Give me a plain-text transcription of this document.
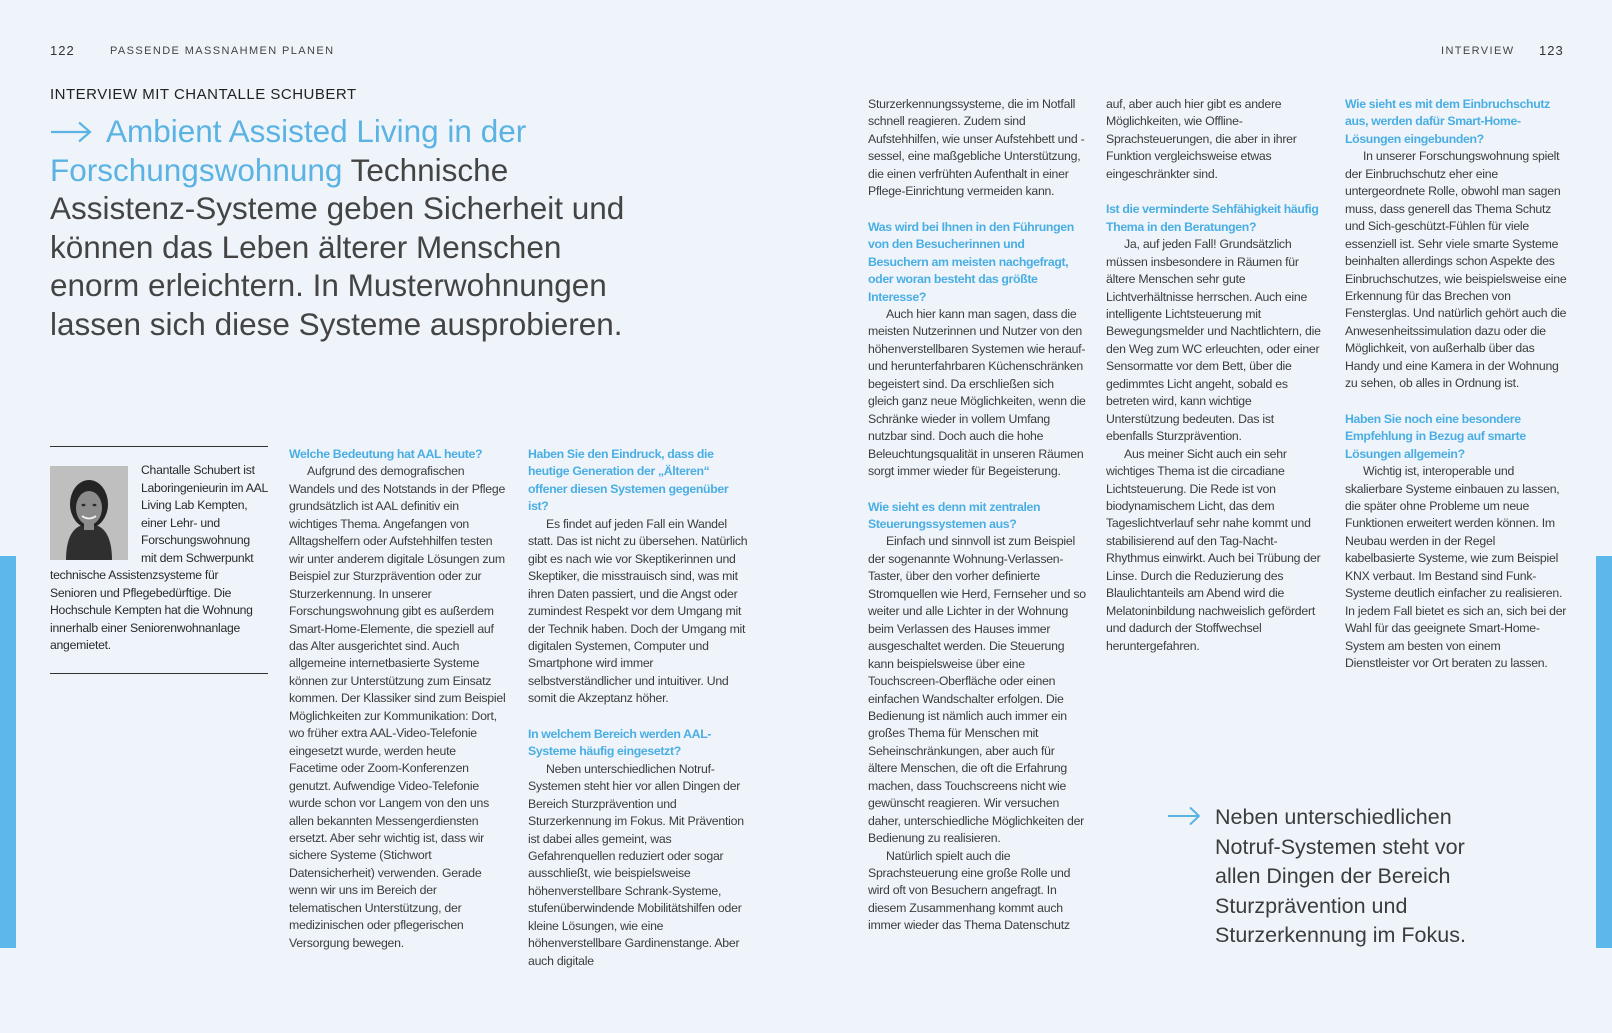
122	PASSENDE MASSNAHMEN PLANEN	INTERVIEW 123
INTERVIEW MIT CHANTALLE SCHUBERT
Ambient Assisted Living in der Forschungswohnung Technische Assistenz-Systeme geben Sicherheit und können das Leben älterer Menschen enorm erleichtern. In Musterwohnungen lassen sich diese Systeme ausprobieren.

Chantalle Schubert ist Laboringenieurin im AAL Living Lab Kempten, einer Lehr- und Forschungswohnung mit dem Schwerpunkt technische Assistenzsysteme für Senioren und Pflegebedürftige. Die Hochschule Kempten hat die Wohnung innerhalb einer Seniorenwohnanlage angemietet.

Welche Bedeutung hat AAL heute?

Aufgrund des demografischen Wandels und des Notstands in der Pflege grundsätzlich ist AAL definitiv ein wichtiges Thema. Angefangen von Alltagshelfern oder Aufstehhilfen testen wir unter anderem digitale Lösungen zum Beispiel zur Sturzprävention oder zur Sturzerkennung. In unserer Forschungswohnung gibt es außerdem Smart-Home-Elemente, die speziell auf das Alter ausgerichtet sind. Auch allgemeine internetbasierte Systeme können zur Unterstützung zum Einsatz kommen. Der Klassiker sind zum Beispiel Möglichkeiten zur Kommunikation: Dort, wo früher extra AAL-Video-Telefonie eingesetzt wurde, werden heute Facetime oder Zoom-Konferenzen genutzt. Aufwendige Video-Telefonie wurde schon vor Langem von den uns allen bekannten Messengerdiensten ersetzt. Aber sehr wichtig ist, dass wir sichere Systeme (Stichwort Datensicherheit) verwenden. Gerade wenn wir uns im Bereich der telematischen Unterstützung, der medizinischen oder pflegerischen Versorgung bewegen.

Haben Sie den Eindruck, dass die heutige Generation der „Älteren“ offener diesen Systemen gegenüber ist?

Es findet auf jeden Fall ein Wandel statt. Das ist nicht zu übersehen. Natürlich gibt es nach wie vor Skeptikerinnen und Skeptiker, die misstrauisch sind, was mit ihren Daten passiert, und die Angst oder zumindest Respekt vor dem Umgang mit der Technik haben. Doch der Umgang mit digitalen Systemen, Computer und Smartphone wird immer selbstverständlicher und intuitiver. Und somit die Akzeptanz höher.

In welchem Bereich werden AAL-Systeme häufig eingesetzt?

Neben unterschiedlichen Notruf-Systemen steht hier vor allen Dingen der Bereich Sturzprävention und Sturzerkennung im Fokus. Mit Prävention ist dabei alles gemeint, was Gefahrenquellen reduziert oder sogar ausschließt, wie beispielsweise höhenverstellbare Schrank-Systeme, stufenüberwindende Mobilitätshilfen oder kleine Lösungen, wie eine höhenverstellbare Gardinenstange. Aber auch digitale

Sturzerkennungssysteme, die im Notfall schnell reagieren. Zudem sind Aufstehhilfen, wie unser Aufstehbett und -sessel, eine maßgebliche Unterstützung, die einen verfrühten Aufenthalt in einer Pflege-Einrichtung vermeiden kann.

Was wird bei Ihnen in den Führungen von den Besucherinnen und Besuchern am meisten nachgefragt, oder woran besteht das größte Interesse?

Auch hier kann man sagen, dass die meisten Nutzerinnen und Nutzer von den höhenverstellbaren Systemen wie herauf- und herunterfahrbaren Küchenschränken begeistert sind. Da erschließen sich gleich ganz neue Möglichkeiten, wenn die Schränke wieder in vollem Umfang nutzbar sind. Doch auch die hohe Beleuchtungsqualität in unseren Räumen sorgt immer wieder für Begeisterung.

Wie sieht es denn mit zentralen Steuerungssystemen aus?

Einfach und sinnvoll ist zum Beispiel der sogenannte Wohnung-Verlassen-Taster, über den vorher definierte Stromquellen wie Herd, Fernseher und so weiter und alle Lichter in der Wohnung beim Verlassen des Hauses immer ausgeschaltet werden. Die Steuerung kann beispielsweise über eine Touchscreen-Oberfläche oder einen einfachen Wandschalter erfolgen. Die Bedienung ist nämlich auch immer ein großes Thema für Menschen mit Seheinschränkungen, aber auch für ältere Menschen, die oft die Erfahrung machen, dass Touchscreens nicht wie gewünscht reagieren. Wir versuchen daher, unterschiedliche Möglichkeiten der Bedienung zu realisieren.

Natürlich spielt auch die Sprachsteuerung eine große Rolle und wird oft von Besuchern angefragt. In diesem Zusammenhang kommt auch immer wieder das Thema Datenschutz

auf, aber auch hier gibt es andere Möglichkeiten, wie Offline-Sprachsteuerungen, die aber in ihrer Funktion vergleichsweise etwas eingeschränkter sind.

Ist die verminderte Sehfähigkeit häufig Thema in den Beratungen?

Ja, auf jeden Fall! Grundsätzlich müssen insbesondere in Räumen für ältere Menschen sehr gute Lichtverhältnisse herrschen. Auch eine intelligente Lichtsteuerung mit Bewegungsmelder und Nachtlichtern, die den Weg zum WC erleuchten, oder einer Sensormatte vor dem Bett, über die gedimmtes Licht angeht, sobald es betreten wird, kann wichtige Unterstützung bedeuten. Das ist ebenfalls Sturzprävention.

Aus meiner Sicht auch ein sehr wichtiges Thema ist die circadiane Lichtsteuerung. Die Rede ist von biodynamischem Licht, das dem Tageslichtverlauf sehr nahe kommt und stabilisierend auf den Tag-Nacht-Rhythmus einwirkt. Auch bei Trübung der Linse. Durch die Reduzierung des Blaulichtanteils am Abend wird die Melatoninbildung nachweislich gefördert und dadurch der Stoffwechsel heruntergefahren.

Wie sieht es mit dem Einbruchschutz aus, werden dafür Smart-Home-Lösungen eingebunden?

In unserer Forschungswohnung spielt der Einbruchschutz eher eine untergeordnete Rolle, obwohl man sagen muss, dass generell das Thema Schutz und Sich-geschützt-Fühlen für viele essenziell ist. Sehr viele smarte Systeme beinhalten allerdings schon Aspekte des Einbruchschutzes, wie beispielsweise eine Erkennung für das Brechen von Fensterglas. Und natürlich gehört auch die Anwesenheitssimulation dazu oder die Möglichkeit, von außerhalb über das Handy und eine Kamera in der Wohnung zu sehen, ob alles in Ordnung ist.

Haben Sie noch eine besondere Empfehlung in Bezug auf smarte Lösungen allgemein?

Wichtig ist, interoperable und skalierbare Systeme einbauen zu lassen, die später ohne Probleme um neue Funktionen erweitert werden können. Im Neubau werden in der Regel kabelbasierte Systeme, wie zum Beispiel KNX verbaut. Im Bestand sind Funk-Systeme deutlich einfacher zu realisieren. In jedem Fall bietet es sich an, sich bei der Wahl für das geeignete Smart-Home-System am besten von einem Dienstleister vor Ort beraten zu lassen.

Neben unterschiedlichen Notruf-Systemen steht vor allen Dingen der Bereich Sturzprävention und Sturzerkennung im Fokus.
